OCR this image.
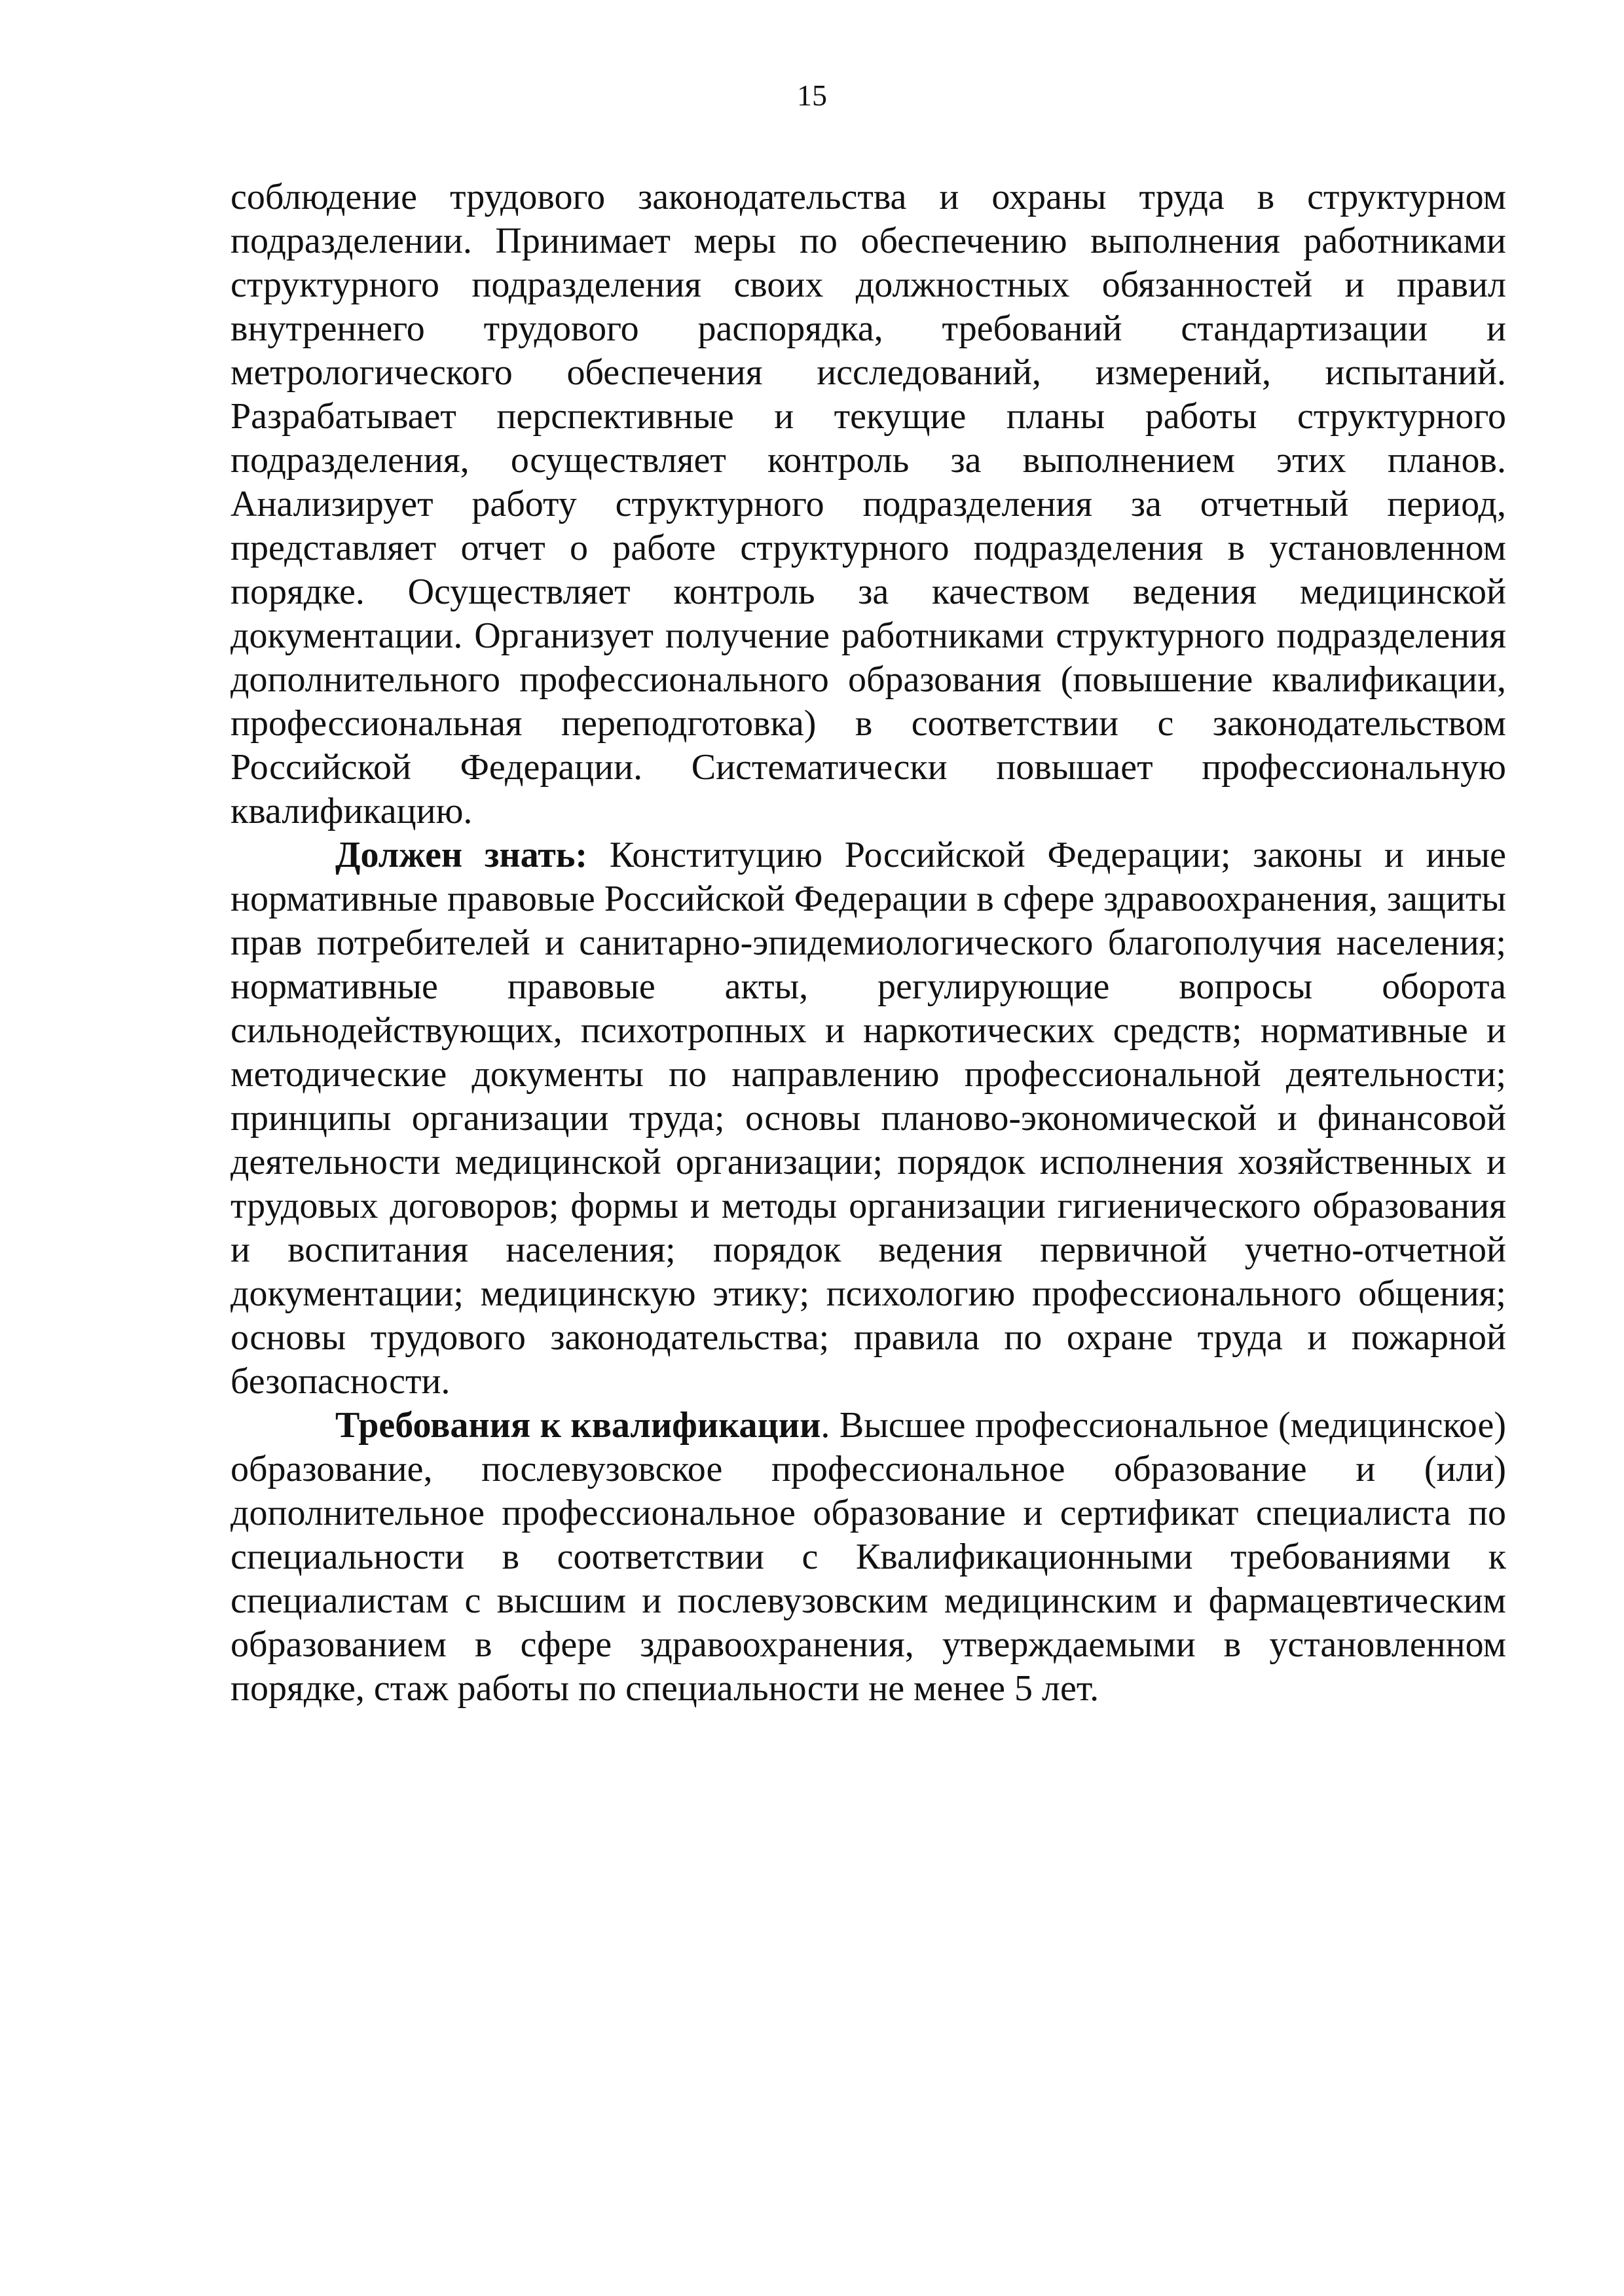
15

соблюдение трудового законодательства и охраны труда в структурном подразделении. Принимает меры по обеспечению выполнения работниками структурного подразделения своих должностных обязанностей и правил внутреннего трудового распорядка, требований стандартизации и метрологического обеспечения исследований, измерений, испытаний. Разрабатывает перспективные и текущие планы работы структурного подразделения, осуществляет контроль за выполнением этих планов. Анализирует работу структурного подразделения за отчетный период, представляет отчет о работе структурного подразделения в установленном порядке. Осуществляет контроль за качеством ведения медицинской документации. Организует получение работниками структурного подразделения дополнительного профессионального образования (повышение квалификации, профессиональная переподготовка) в соответствии с законодательством Российской Федерации. Систематически повышает профессиональную квалификацию.

Должен знать: Конституцию Российской Федерации; законы и иные нормативные правовые Российской Федерации в сфере здравоохранения, защиты прав потребителей и санитарно-эпидемиологического благополучия населения; нормативные правовые акты, регулирующие вопросы оборота сильнодействующих, психотропных и наркотических средств; нормативные и методические документы по направлению профессиональной деятельности; принципы организации труда; основы планово-экономической и финансовой деятельности медицинской организации; порядок исполнения хозяйственных и трудовых договоров; формы и методы организации гигиенического образования и воспитания населения; порядок ведения первичной учетно-отчетной документации; медицинскую этику; психологию профессионального общения; основы трудового законодательства; правила по охране труда и пожарной безопасности.

Требования к квалификации. Высшее профессиональное (медицинское) образование, послевузовское профессиональное образование и (или) дополнительное профессиональное образование и сертификат специалиста по специальности в соответствии с Квалификационными требованиями к специалистам с высшим и послевузовским медицинским и фармацевтическим образованием в сфере здравоохранения, утверждаемыми в установленном порядке, стаж работы по специальности не менее 5 лет.
